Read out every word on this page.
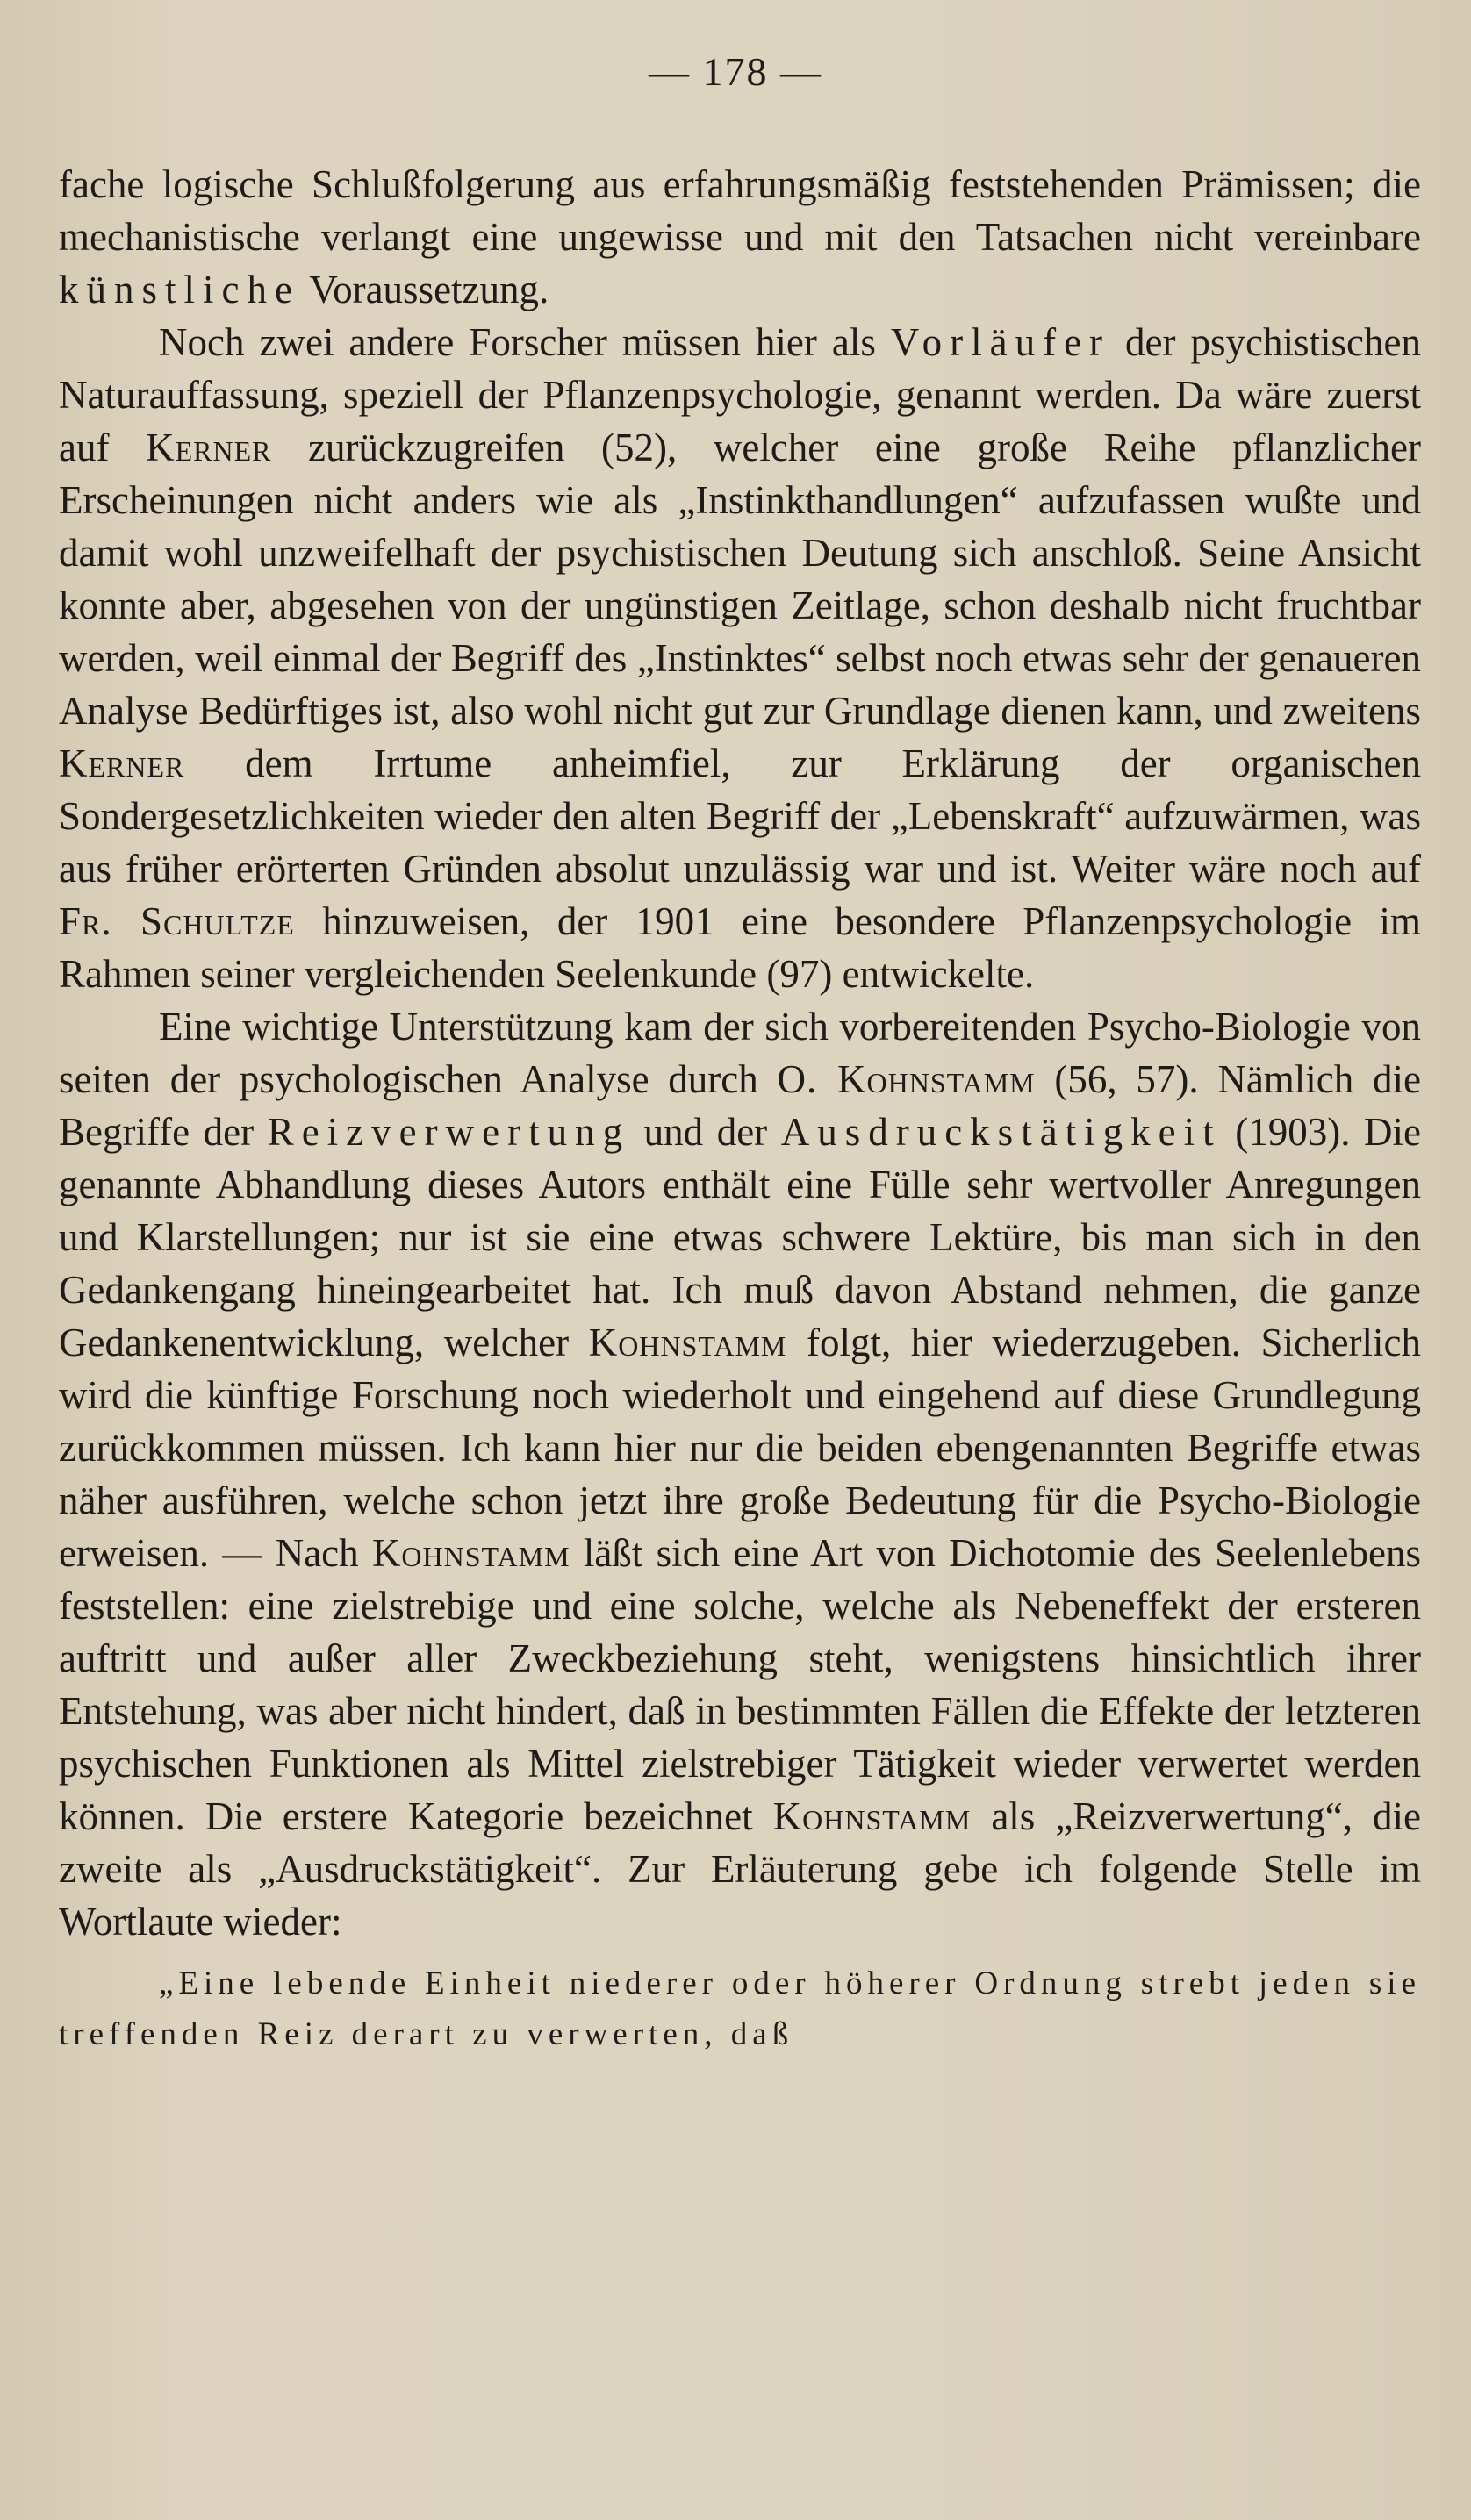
— 178 —

fache logische Schlußfolgerung aus erfahrungsmäßig feststehenden Prämissen; die mechanistische verlangt eine ungewisse und mit den Tatsachen nicht vereinbare künstliche Voraussetzung.

Noch zwei andere Forscher müssen hier als Vorläufer der psychistischen Naturauffassung, speziell der Pflanzenpsychologie, genannt werden. Da wäre zuerst auf Kerner zurückzugreifen (52), welcher eine große Reihe pflanzlicher Erscheinungen nicht anders wie als „Instinkthandlungen“ aufzufassen wußte und damit wohl unzweifelhaft der psychistischen Deutung sich anschloß. Seine Ansicht konnte aber, abgesehen von der ungünstigen Zeitlage, schon deshalb nicht fruchtbar werden, weil einmal der Begriff des „Instinktes“ selbst noch etwas sehr der genaueren Analyse Bedürftiges ist, also wohl nicht gut zur Grundlage dienen kann, und zweitens Kerner dem Irrtume anheimfiel, zur Erklärung der organischen Sondergesetzlichkeiten wieder den alten Begriff der „Lebenskraft“ aufzuwärmen, was aus früher erörterten Gründen absolut unzulässig war und ist. Weiter wäre noch auf Fr. Schultze hinzuweisen, der 1901 eine besondere Pflanzenpsychologie im Rahmen seiner vergleichenden Seelenkunde (97) entwickelte.

Eine wichtige Unterstützung kam der sich vorbereitenden Psycho-Biologie von seiten der psychologischen Analyse durch O. Kohnstamm (56, 57). Nämlich die Begriffe der Reizverwertung und der Ausdruckstätigkeit (1903). Die genannte Abhandlung dieses Autors enthält eine Fülle sehr wertvoller Anregungen und Klarstellungen; nur ist sie eine etwas schwere Lektüre, bis man sich in den Gedankengang hineingearbeitet hat. Ich muß davon Abstand nehmen, die ganze Gedankenentwicklung, welcher Kohnstamm folgt, hier wiederzugeben. Sicherlich wird die künftige Forschung noch wiederholt und eingehend auf diese Grundlegung zurückkommen müssen. Ich kann hier nur die beiden ebengenannten Begriffe etwas näher ausführen, welche schon jetzt ihre große Bedeutung für die Psycho-Biologie erweisen. — Nach Kohnstamm läßt sich eine Art von Dichotomie des Seelenlebens feststellen: eine zielstrebige und eine solche, welche als Nebeneffekt der ersteren auftritt und außer aller Zweckbeziehung steht, wenigstens hinsichtlich ihrer Entstehung, was aber nicht hindert, daß in bestimmten Fällen die Effekte der letzteren psychischen Funktionen als Mittel zielstrebiger Tätigkeit wieder verwertet werden können. Die erstere Kategorie bezeichnet Kohnstamm als „Reizverwertung“, die zweite als „Ausdruckstätigkeit“. Zur Erläuterung gebe ich folgende Stelle im Wortlaute wieder:

„Eine lebende Einheit niederer oder höherer Ordnung strebt jeden sie treffenden Reiz derart zu verwerten, daß
